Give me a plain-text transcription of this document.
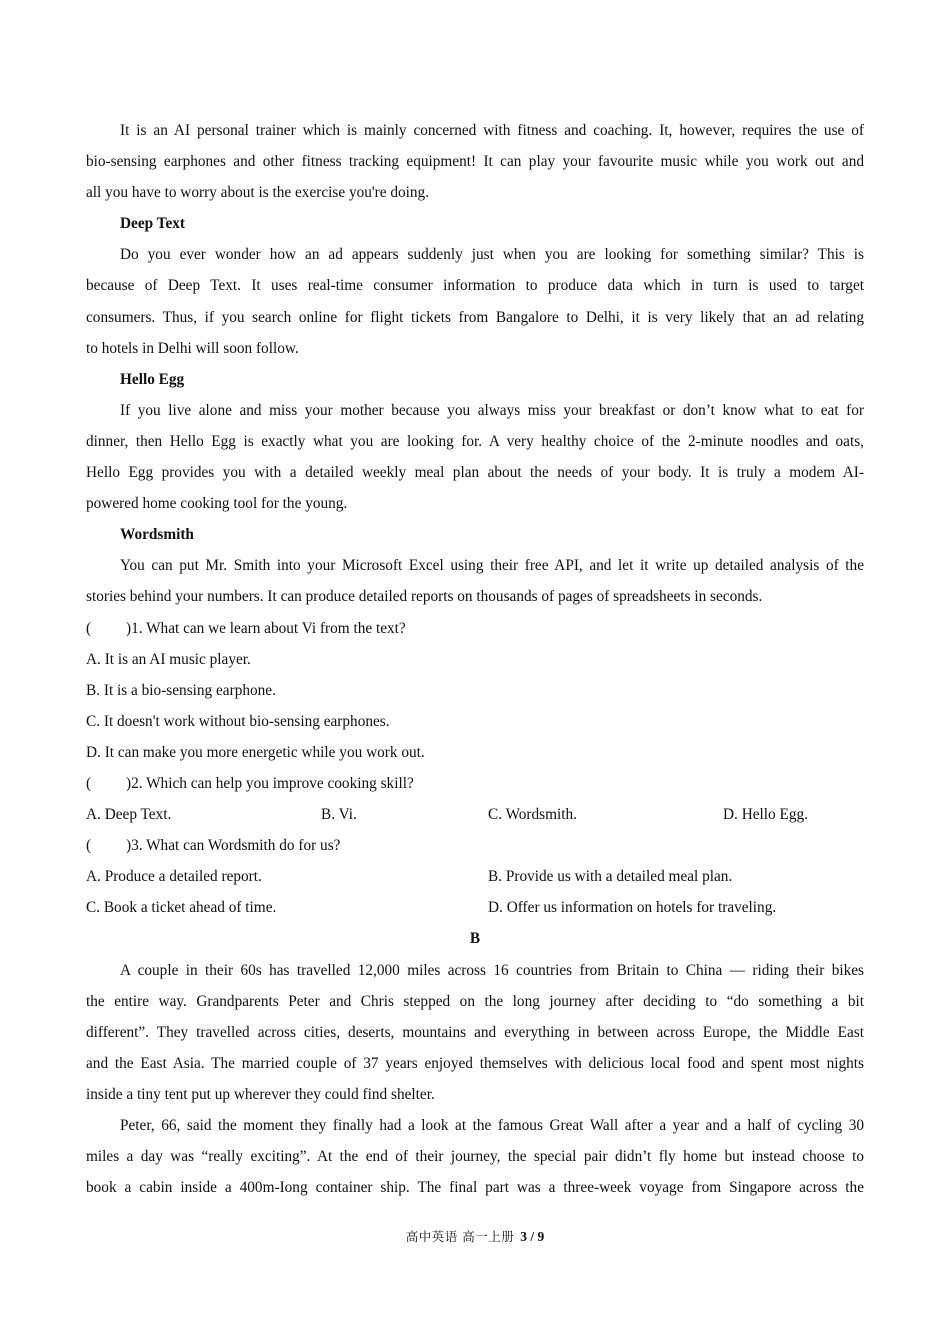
It is an AI personal trainer which is mainly concerned with fitness and coaching. It, however, requires the use of
bio-sensing earphones and other fitness tracking equipment! It can play your favourite music while you work out and
all you have to worry about is the exercise you're doing.
Deep Text
Do you ever wonder how an ad appears suddenly just when you are looking for something similar? This is
because of Deep Text. It uses real-time consumer information to produce data which in turn is used to target
consumers. Thus, if you search online for flight tickets from Bangalore to Delhi, it is very likely that an ad relating
to hotels in Delhi will soon follow.
Hello Egg
If you live alone and miss your mother because you always miss your breakfast or don’t know what to eat for
dinner, then Hello Egg is exactly what you are looking for. A very healthy choice of the 2-minute noodles and oats,
Hello Egg provides you with a detailed weekly meal plan about the needs of your body. It is truly a modem AI-
powered home cooking tool for the young.
Wordsmith
You can put Mr. Smith into your Microsoft Excel using their free API, and let it write up detailed analysis of the
stories behind your numbers. It can produce detailed reports on thousands of pages of spreadsheets in seconds.
( )1. What can we learn about Vi from the text?
A. It is an AI music player.
B. It is a bio-sensing earphone.
C. It doesn't work without bio-sensing earphones.
D. It can make you more energetic while you work out.
( )2. Which can help you improve cooking skill?
A. Deep Text.	B. Vi.	C. Wordsmith.	D. Hello Egg.
( )3. What can Wordsmith do for us?
A. Produce a detailed report.	B. Provide us with a detailed meal plan.
C. Book a ticket ahead of time.	D. Offer us information on hotels for traveling.
B
A couple in their 60s has travelled 12,000 miles across 16 countries from Britain to China — riding their bikes
the entire way. Grandparents Peter and Chris stepped on the long journey after deciding to “do something a bit
different”. They travelled across cities, deserts, mountains and everything in between across Europe, the Middle East
and the East Asia. The married couple of 37 years enjoyed themselves with delicious local food and spent most nights
inside a tiny tent put up wherever they could find shelter.
Peter, 66, said the moment they finally had a look at the famous Great Wall after a year and a half of cycling 30
miles a day was “really exciting”. At the end of their journey, the special pair didn’t fly home but instead choose to
book a cabin inside a 400m-Iong container ship. The final part was a three-week voyage from Singapore across the
高中英语 高一上册 3 / 9
